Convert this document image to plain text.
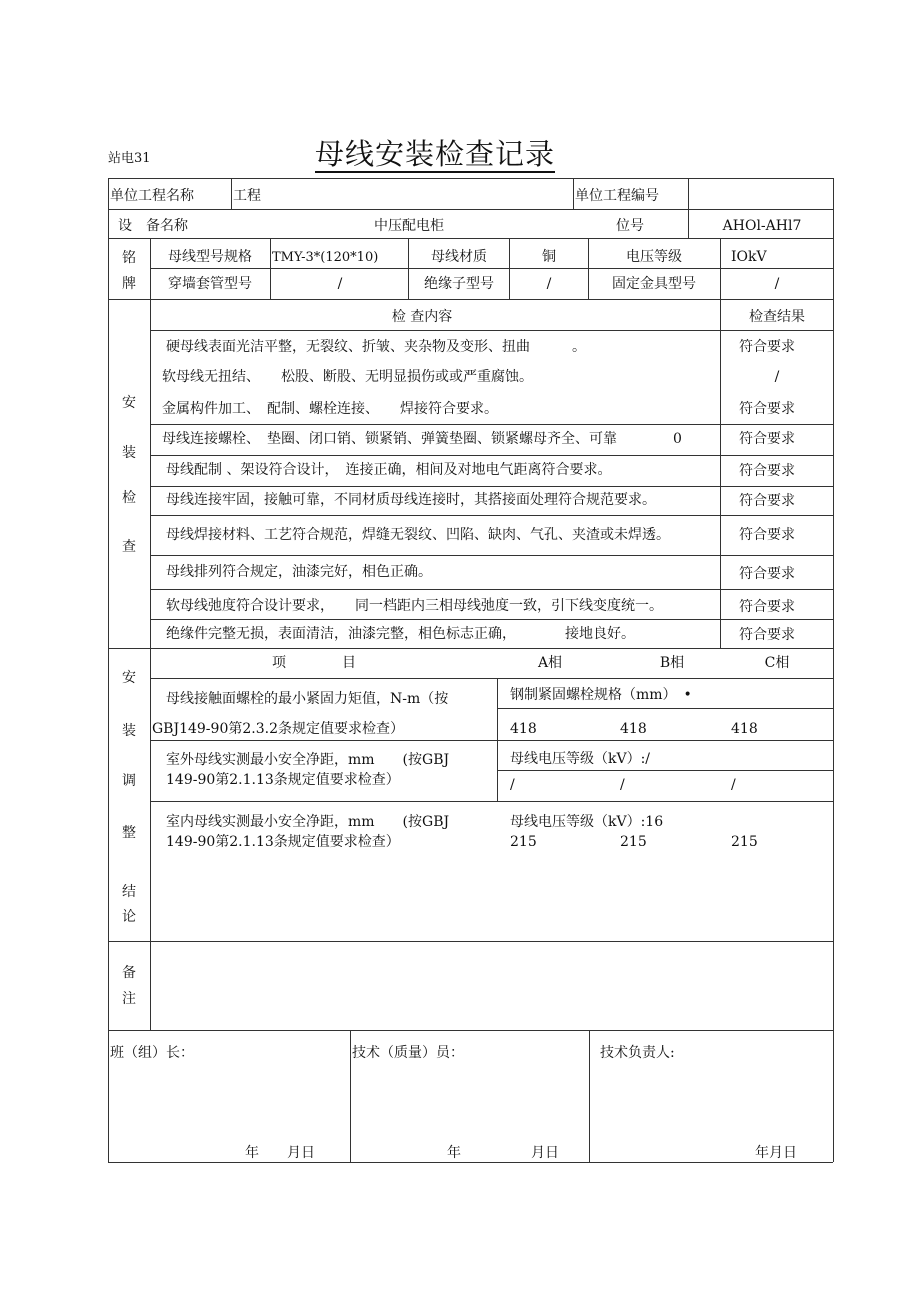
站电31	母线安装检查记录
单位工程名称	工程	单位工程编号
设　备名称	中压配电柜	位号	AHOl-AHl7
铭
牌
母线型号规格 TMY-3*(120*10)	母线材质	铜	电压等级	IOkV
穿墙套管型号	/	绝缘子型号	/	固定金具型号	/
安
装
检
查
检 查内容	检查结果
硬母线表面光洁平整，无裂纹、折皱、夹杂物及变形、扭曲　　　。	符合要求
软母线无扭结、　　松股、断股、无明显损伤或或严重腐蚀。	/
金属构件加工、　配制、螺栓连接、　　焊接符合要求。	符合要求
母线连接螺栓、　垫圈、闭口销、锁紧销、弹簧垫圈、锁紧螺母齐全、可靠　　　　0	符合要求
母线配制 、架设符合设计，　连接正确，相间及对地电气距离符合要求。	符合要求
母线连接牢固，接触可靠，不同材质母线连接时，其搭接面处理符合规范要求。	符合要求
母线焊接材料、工艺符合规范，焊缝无裂纹、凹陷、缺肉、气孔、夹渣或未焊透。	符合要求
母线排列符合规定，油漆完好，相色正确。	符合要求
软母线弛度符合设计要求，　　同一档距内三相母线弛度一致，引下线变度统一。	符合要求
绝缘件完整无损，表面清洁，油漆完整，相色标志正确，　　　　接地良好。	符合要求
安
装
调
整
结
论
项　　　　目	A相	B相	C相
母线接触面螺栓的最小紧固力矩值，N-m（按
GBJ149-90第2.3.2条规定值要求检查）
钢制紧固螺栓规格（mm）　•
418	418	418
室外母线实测最小安全净距，mm　　(按GBJ
149-90第2.1.13条规定值要求检查）
母线电压等级（kV）:/
/	/	/
室内母线实测最小安全净距，mm　　(按GBJ
149-90第2.1.13条规定值要求检查）
母线电压等级（kV）:16
215	215	215
备
注
班（组）长：	技术（质量）员：	技术负责人:
年　　月日	年　　　　　月日	年月日
